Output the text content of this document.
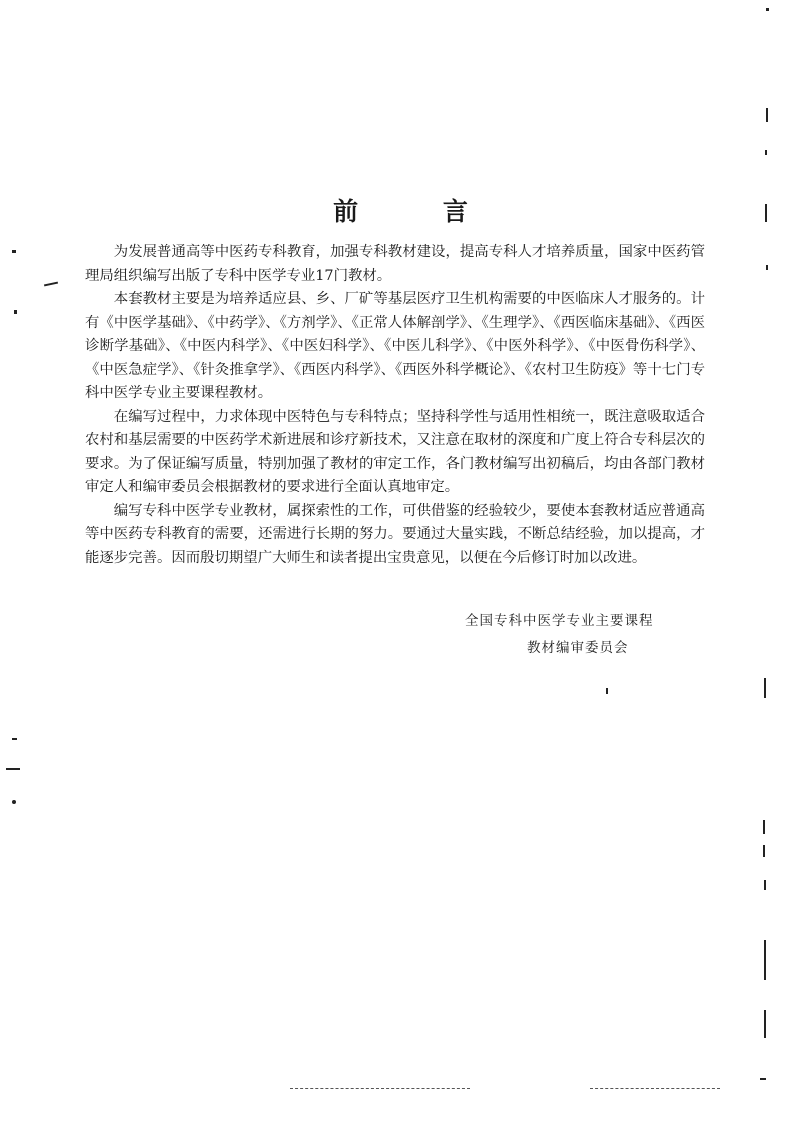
前 言

为发展普通高等中医药专科教育，加强专科教材建设，提高专科人才培养质量，国家中医药管理局组织编写出版了专科中医学专业17门教材。

本套教材主要是为培养适应县、乡、厂矿等基层医疗卫生机构需要的中医临床人才服务的。计有《中医学基础》、《中药学》、《方剂学》、《正常人体解剖学》、《生理学》、《西医临床基础》、《西医诊断学基础》、《中医内科学》、《中医妇科学》、《中医儿科学》、《中医外科学》、《中医骨伤科学》、《中医急症学》、《针灸推拿学》、《西医内科学》、《西医外科学概论》、《农村卫生防疫》等十七门专科中医学专业主要课程教材。

在编写过程中，力求体现中医特色与专科特点；坚持科学性与适用性相统一，既注意吸取适合农村和基层需要的中医药学术新进展和诊疗新技术，又注意在取材的深度和广度上符合专科层次的要求。为了保证编写质量，特别加强了教材的审定工作，各门教材编写出初稿后，均由各部门教材审定人和编审委员会根据教材的要求进行全面认真地审定。

编写专科中医学专业教材，属探索性的工作，可供借鉴的经验较少，要使本套教材适应普通高等中医药专科教育的需要，还需进行长期的努力。要通过大量实践，不断总结经验，加以提高，才能逐步完善。因而殷切期望广大师生和读者提出宝贵意见，以便在今后修订时加以改进。

全国专科中医学专业主要课程
教材编审委员会
